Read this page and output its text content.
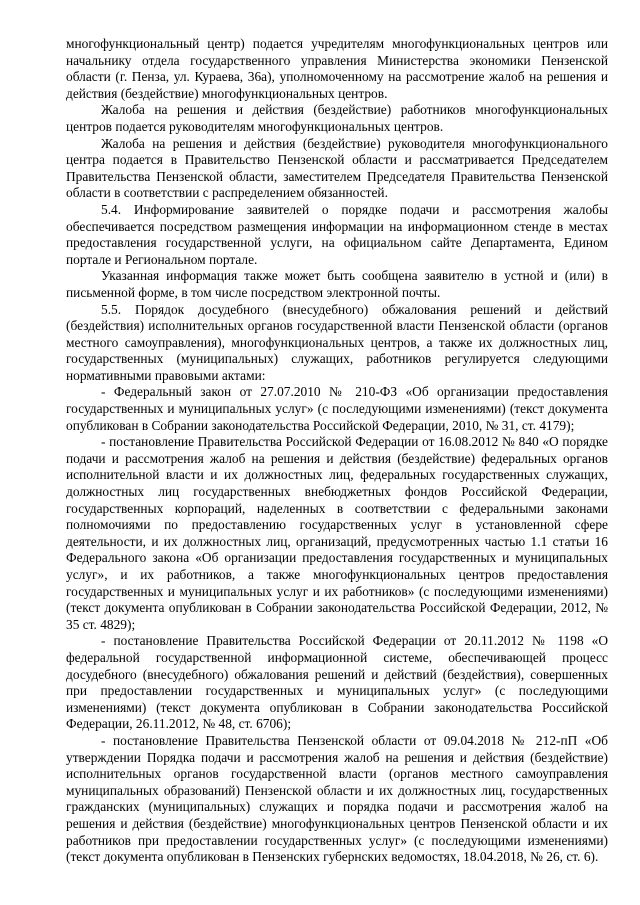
многофункциональный центр) подается учредителям многофункциональных центров или начальнику отдела государственного управления Министерства экономики Пензенской области (г. Пенза, ул. Кураева, 36а), уполномоченному на рассмотрение жалоб на решения и действия (бездействие) многофункциональных центров.

Жалоба на решения и действия (бездействие) работников многофункциональных центров подается руководителям многофункциональных центров.

Жалоба на решения и действия (бездействие) руководителя многофункционального центра подается в Правительство Пензенской области и рассматривается Председателем Правительства Пензенской области, заместителем Председателя Правительства Пензенской области в соответствии с распределением обязанностей.

5.4. Информирование заявителей о порядке подачи и рассмотрения жалобы обеспечивается посредством размещения информации на информационном стенде в местах предоставления государственной услуги, на официальном сайте Департамента, Едином портале и Региональном портале.

Указанная информация также может быть сообщена заявителю в устной и (или) в письменной форме, в том числе посредством электронной почты.

5.5. Порядок досудебного (внесудебного) обжалования решений и действий (бездействия) исполнительных органов государственной власти Пензенской области (органов местного самоуправления), многофункциональных центров, а также их должностных лиц, государственных (муниципальных) служащих, работников регулируется следующими нормативными правовыми актами:

- Федеральный закон от 27.07.2010 № 210-ФЗ «Об организации предоставления государственных и муниципальных услуг» (с последующими изменениями) (текст документа опубликован в Собрании законодательства Российской Федерации, 2010, № 31, ст. 4179);

- постановление Правительства Российской Федерации от 16.08.2012 № 840 «О порядке подачи и рассмотрения жалоб на решения и действия (бездействие) федеральных органов исполнительной власти и их должностных лиц, федеральных государственных служащих, должностных лиц государственных внебюджетных фондов Российской Федерации, государственных корпораций, наделенных в соответствии с федеральными законами полномочиями по предоставлению государственных услуг в установленной сфере деятельности, и их должностных лиц, организаций, предусмотренных частью 1.1 статьи 16 Федерального закона «Об организации предоставления государственных и муниципальных услуг», и их работников, а также многофункциональных центров предоставления государственных и муниципальных услуг и их работников» (с последующими изменениями) (текст документа опубликован в Собрании законодательства Российской Федерации, 2012, № 35 ст. 4829);

- постановление Правительства Российской Федерации от 20.11.2012 № 1198 «О федеральной государственной информационной системе, обеспечивающей процесс досудебного (внесудебного) обжалования решений и действий (бездействия), совершенных при предоставлении государственных и муниципальных услуг» (с последующими изменениями) (текст документа опубликован в Собрании законодательства Российской Федерации, 26.11.2012, № 48, ст. 6706);

- постановление Правительства Пензенской области от 09.04.2018 № 212-пП «Об утверждении Порядка подачи и рассмотрения жалоб на решения и действия (бездействие) исполнительных органов государственной власти (органов местного самоуправления муниципальных образований) Пензенской области и их должностных лиц, государственных гражданских (муниципальных) служащих и порядка подачи и рассмотрения жалоб на решения и действия (бездействие) многофункциональных центров Пензенской области и их работников при предоставлении государственных услуг» (с последующими изменениями) (текст документа опубликован в Пензенских губернских ведомостях, 18.04.2018, № 26, ст. 6).
